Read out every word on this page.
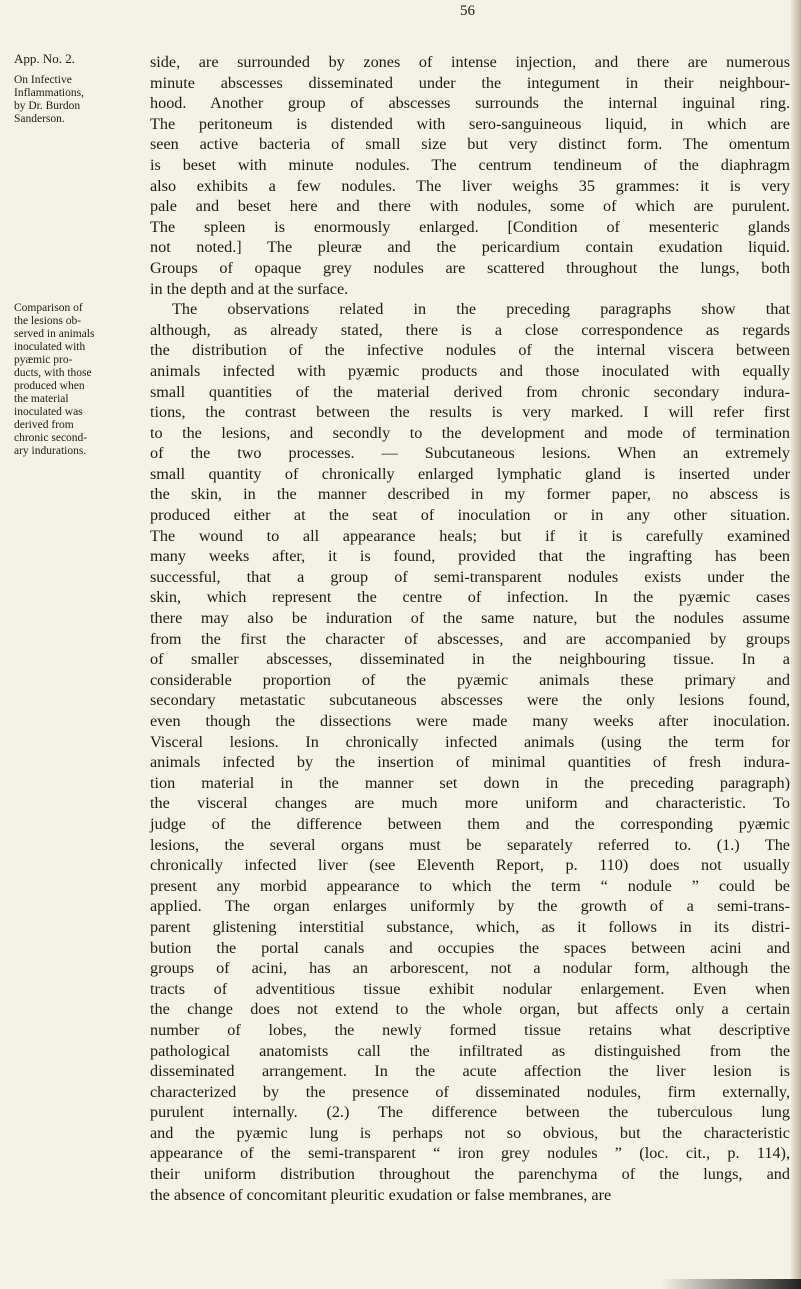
56
App. No. 2.
On Infective
Inflammations,
by Dr. Burdon
Sanderson.
Comparison of
the lesions ob-
served in animals
inoculated with
pyæmic pro-
ducts, with those
produced when
the material
inoculated was
derived from
chronic second-
ary indurations.
side, are surrounded by zones of intense injection, and there are numerous
minute abscesses disseminated under the integument in their neighbour-
hood. Another group of abscesses surrounds the internal inguinal ring.
The peritoneum is distended with sero-sanguineous liquid, in which are
seen active bacteria of small size but very distinct form. The omentum
is beset with minute nodules. The centrum tendineum of the diaphragm
also exhibits a few nodules. The liver weighs 35 grammes: it is very
pale and beset here and there with nodules, some of which are purulent.
The spleen is enormously enlarged. [Condition of mesenteric glands
not noted.] The pleuræ and the pericardium contain exudation liquid.
Groups of opaque grey nodules are scattered throughout the lungs, both
in the depth and at the surface.
The observations related in the preceding paragraphs show that
although, as already stated, there is a close correspondence as regards
the distribution of the infective nodules of the internal viscera between
animals infected with pyæmic products and those inoculated with equally
small quantities of the material derived from chronic secondary indura-
tions, the contrast between the results is very marked. I will refer first
to the lesions, and secondly to the development and mode of termination
of the two processes. — Subcutaneous lesions. When an extremely
small quantity of chronically enlarged lymphatic gland is inserted under
the skin, in the manner described in my former paper, no abscess is
produced either at the seat of inoculation or in any other situation.
The wound to all appearance heals; but if it is carefully examined
many weeks after, it is found, provided that the ingrafting has been
successful, that a group of semi-transparent nodules exists under the
skin, which represent the centre of infection. In the pyæmic cases
there may also be induration of the same nature, but the nodules assume
from the first the character of abscesses, and are accompanied by groups
of smaller abscesses, disseminated in the neighbouring tissue. In a
considerable proportion of the pyæmic animals these primary and
secondary metastatic subcutaneous abscesses were the only lesions found,
even though the dissections were made many weeks after inoculation.
Visceral lesions. In chronically infected animals (using the term for
animals infected by the insertion of minimal quantities of fresh indura-
tion material in the manner set down in the preceding paragraph)
the visceral changes are much more uniform and characteristic. To
judge of the difference between them and the corresponding pyæmic
lesions, the several organs must be separately referred to. (1.) The
chronically infected liver (see Eleventh Report, p. 110) does not usually
present any morbid appearance to which the term “ nodule ” could be
applied. The organ enlarges uniformly by the growth of a semi-trans-
parent glistening interstitial substance, which, as it follows in its distri-
bution the portal canals and occupies the spaces between acini and
groups of acini, has an arborescent, not a nodular form, although the
tracts of adventitious tissue exhibit nodular enlargement. Even when
the change does not extend to the whole organ, but affects only a certain
number of lobes, the newly formed tissue retains what descriptive
pathological anatomists call the infiltrated as distinguished from the
disseminated arrangement. In the acute affection the liver lesion is
characterized by the presence of disseminated nodules, firm externally,
purulent internally. (2.) The difference between the tuberculous lung
and the pyæmic lung is perhaps not so obvious, but the characteristic
appearance of the semi-transparent “ iron grey nodules ” (loc. cit., p. 114),
their uniform distribution throughout the parenchyma of the lungs, and
the absence of concomitant pleuritic exudation or false membranes, are
